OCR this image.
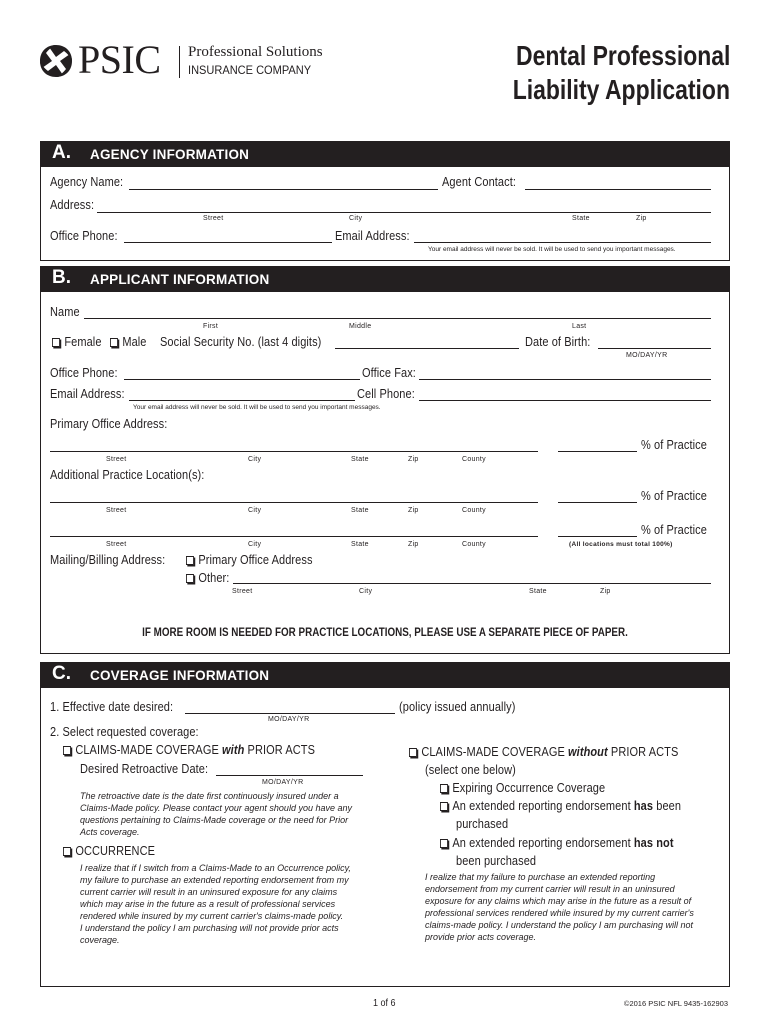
PSIC Professional Solutions
INSURANCE COMPANY	Dental Professional
Liability Application
A. AGENCY INFORMATION
Agency Name:	Agent Contact:
Address:
Street	City	State	Zip
Office Phone:	Email Address:
Your email address will never be sold. It will be used to send you important messages.
B. APPLICANT INFORMATION
Name
First	Middle	Last
Female	Male Social Security No. (last 4 digits)	Date of Birth:
MO/DAY/YR
Office Phone:	Office Fax:
Email Address:	Cell Phone:
Your email address will never be sold. It will be used to send you important messages.
Primary Office Address:
% of Practice
Street	City	State	Zip	County
Additional Practice Location(s):
% of Practice
Street	City	State	Zip	County
% of Practice
Street	City	State	Zip	County	(All locations must total 100%)
Mailing/Billing Address:	Primary Office Address
Other:
Street	City	State	Zip
IF MORE ROOM IS NEEDED FOR PRACTICE LOCATIONS, PLEASE USE A SEPARATE PIECE OF PAPER.
C. COVERAGE INFORMATION
1. Effective date desired:	(policy issued annually)
MO/DAY/YR
2. Select requested coverage:
CLAIMS-MADE COVERAGE with PRIOR ACTS
Desired Retroactive Date:
MO/DAY/YR
The retroactive date is the date first continuously insured under a
Claims-Made policy. Please contact your agent should you have any
questions pertaining to Claims-Made coverage or the need for Prior
Acts coverage.
OCCURRENCE
I realize that if I switch from a Claims-Made to an Occurrence policy,
my failure to purchase an extended reporting endorsement from my
current carrier will result in an uninsured exposure for any claims
which may arise in the future as a result of professional services
rendered while insured by my current carrier's claims-made policy.
I understand the policy I am purchasing will not provide prior acts
coverage.
CLAIMS-MADE COVERAGE without PRIOR ACTS
(select one below)
Expiring Occurrence Coverage
An extended reporting endorsement has been
purchased
An extended reporting endorsement has not
been purchased
I realize that my failure to purchase an extended reporting
endorsement from my current carrier will result in an uninsured
exposure for any claims which may arise in the future as a result of
professional services rendered while insured by my current carrier's
claims-made policy. I understand the policy I am purchasing will not
provide prior acts coverage.
1 of 6	©2016 PSIC NFL 9435-162903
